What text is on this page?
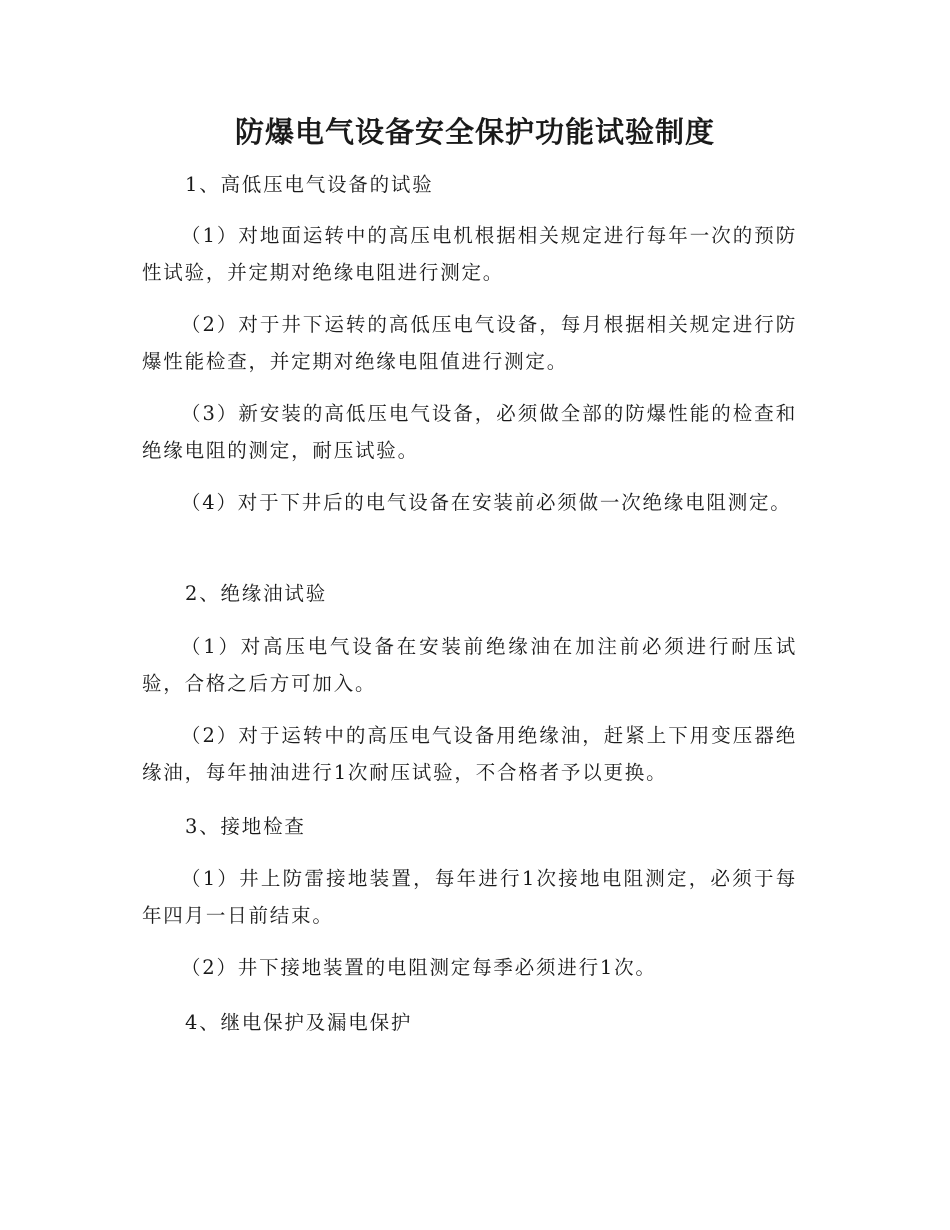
防爆电气设备安全保护功能试验制度
1、高低压电气设备的试验
（1）对地面运转中的高压电机根据相关规定进行每年一次的预防性试验，并定期对绝缘电阻进行测定。
（2）对于井下运转的高低压电气设备，每月根据相关规定进行防爆性能检查，并定期对绝缘电阻值进行测定。
（3）新安装的高低压电气设备，必须做全部的防爆性能的检查和绝缘电阻的测定，耐压试验。
（4）对于下井后的电气设备在安装前必须做一次绝缘电阻测定。
2、绝缘油试验
（1）对高压电气设备在安装前绝缘油在加注前必须进行耐压试验，合格之后方可加入。
（2）对于运转中的高压电气设备用绝缘油，赶紧上下用变压器绝缘油，每年抽油进行1次耐压试验，不合格者予以更换。
3、接地检查
（1）井上防雷接地装置，每年进行1次接地电阻测定，必须于每年四月一日前结束。
（2）井下接地装置的电阻测定每季必须进行1次。
4、继电保护及漏电保护
